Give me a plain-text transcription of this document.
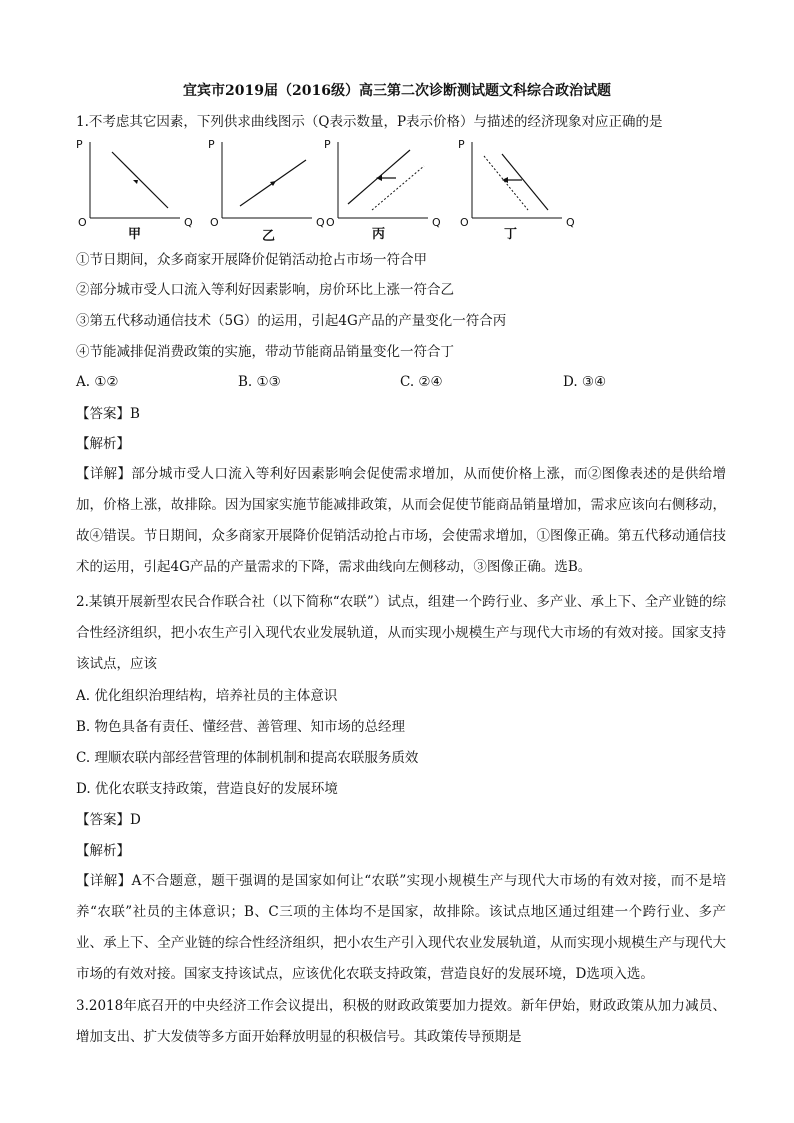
宜宾市2019届（2016级）高三第二次诊断测试题文科综合政治试题
1.不考虑其它因素，下列供求曲线图示（Q表示数量，P表示价格）与描述的经济现象对应正确的是
P
O	Q
甲
P
O	Q
乙
P
O	Q
丙
P
O	Q
丁
①节日期间，众多商家开展降价促销活动抢占市场一符合甲
②部分城市受人口流入等利好因素影响，房价环比上涨一符合乙
③第五代移动通信技术（5G）的运用，引起4G产品的产量变化一符合丙
④节能减排促消费政策的实施，带动节能商品销量变化一符合丁
A. ①②	B. ①③	C. ②④	D. ③④
【答案】B
【解析】
【详解】部分城市受人口流入等利好因素影响会促使需求增加，从而使价格上涨，而②图像表述的是供给增加，价格上涨，故排除。因为国家实施节能减排政策，从而会促使节能商品销量增加，需求应该向右侧移动，故④错误。节日期间，众多商家开展降价促销活动抢占市场，会使需求增加，①图像正确。第五代移动通信技术的运用，引起4G产品的产量需求的下降，需求曲线向左侧移动，③图像正确。选B。
2.某镇开展新型农民合作联合社（以下简称“农联”）试点，组建一个跨行业、多产业、承上下、全产业链的综合性经济组织，把小农生产引入现代农业发展轨道，从而实现小规模生产与现代大市场的有效对接。国家支持该试点，应该
A. 优化组织治理结构，培养社员的主体意识
B. 物色具备有责任、懂经营、善管理、知市场的总经理
C. 理顺农联内部经营管理的体制机制和提高农联服务质效
D. 优化农联支持政策，营造良好的发展环境
【答案】D
【解析】
【详解】A不合题意，题干强调的是国家如何让“农联”实现小规模生产与现代大市场的有效对接，而不是培养“农联”社员的主体意识；B、C三项的主体均不是国家，故排除。该试点地区通过组建一个跨行业、多产业、承上下、全产业链的综合性经济组织，把小农生产引入现代农业发展轨道，从而实现小规模生产与现代大市场的有效对接。国家支持该试点，应该优化农联支持政策，营造良好的发展环境，D选项入选。
3.2018年底召开的中央经济工作会议提出，积极的财政政策要加力提效。新年伊始，财政政策从加力减员、增加支出、扩大发债等多方面开始释放明显的积极信号。其政策传导预期是
